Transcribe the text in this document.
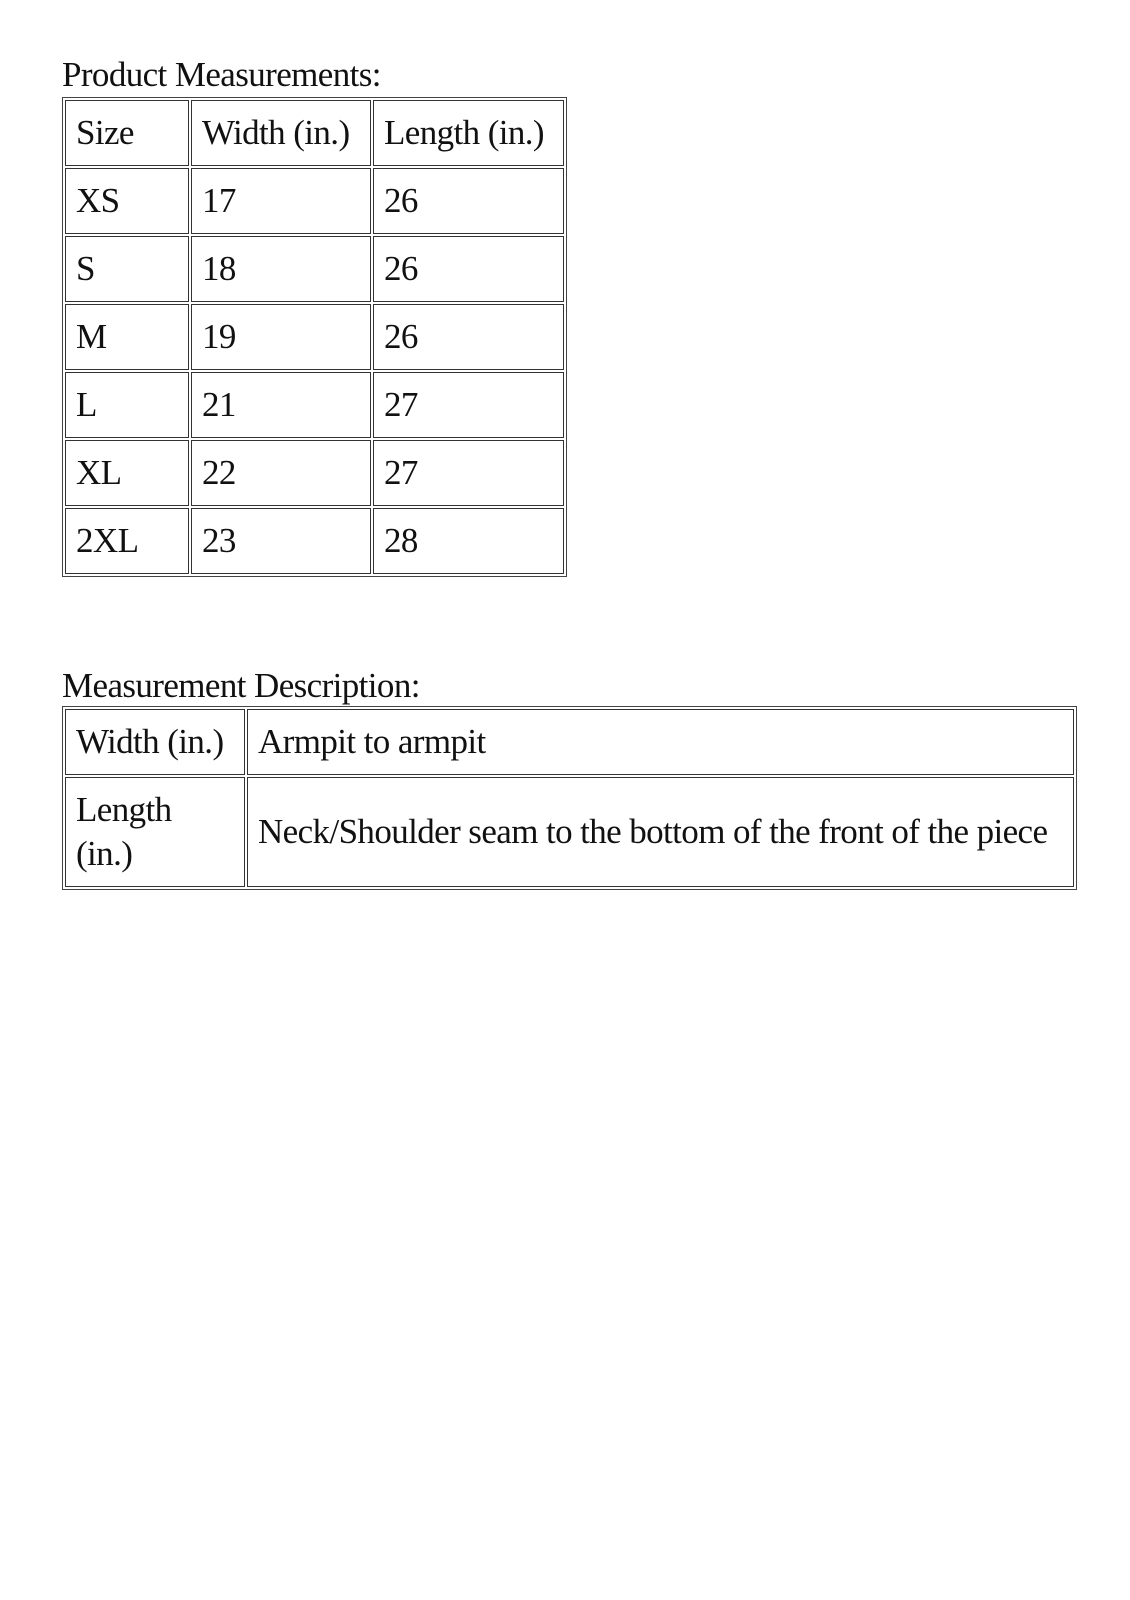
Product Measurements:
Size	Width (in.)	Length (in.)
XS	17	26
S	18	26
M	19	26
L	21	27
XL	22	27
2XL	23	28
Measurement Description:
Width (in.)	Armpit to armpit
Length (in.)	Neck/Shoulder seam to the bottom of the front of the piece
